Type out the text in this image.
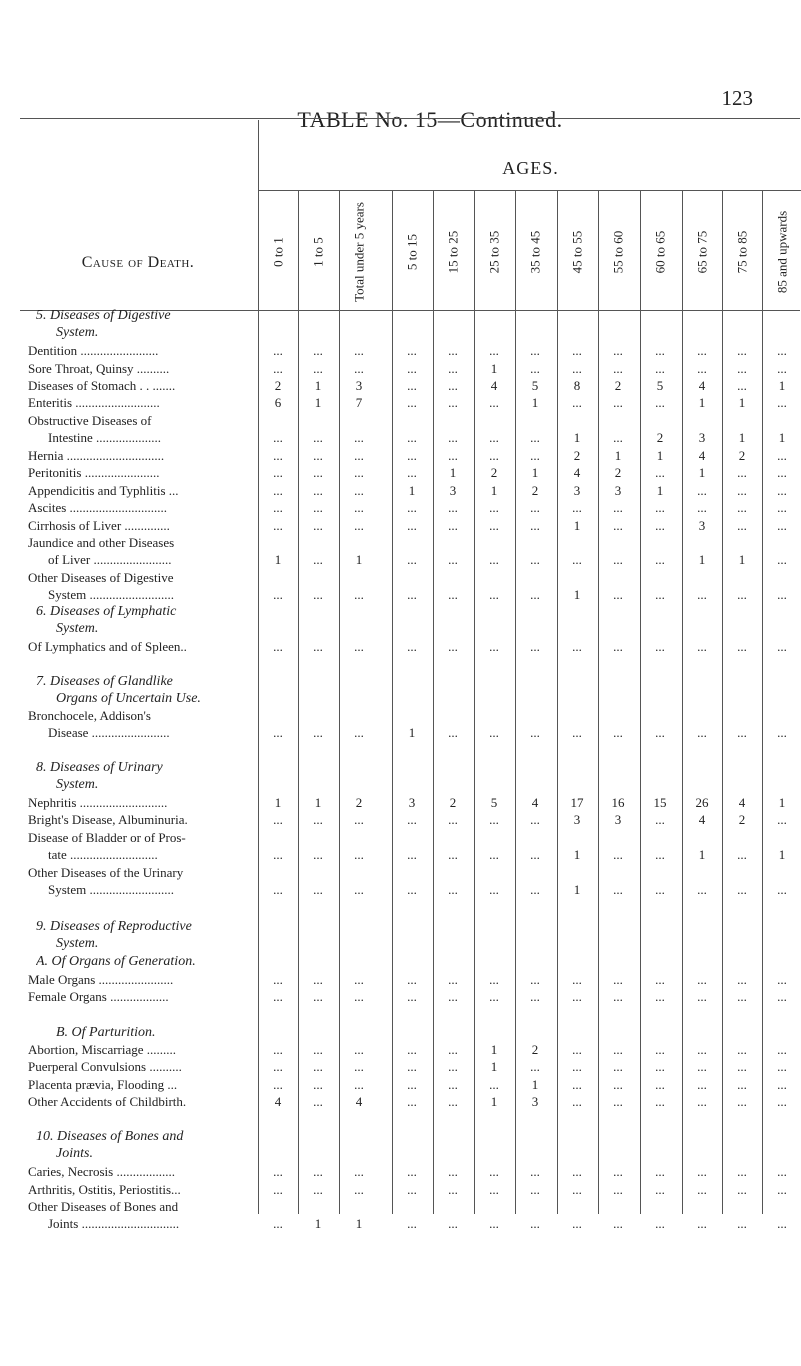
123
TABLE No. 15—Continued.
AGES.
Cause of Death.	0 to 1 1 to 5 Total under 5 years	5 to 15 15 to 25 25 to 35 35 to 45 45 to 55 55 to 60 60 to 65 65 to 75 75 to 85 85 and upwards
5. Diseases of Digestive
System.
Dentition ........................	...	...	...	...	...	...	...	...	...	...	...	...	...
Sore Throat, Quinsy ..........	...	...	...	...	...	1	...	...	...	...	...	...	...
Diseases of Stomach . . .......	2	1	3	...	...	4	5	8	2	5	4	...	1
Enteritis ..........................	6	1	7	...	...	...	1	...	...	...	1	1	...
Obstructive Diseases of
Intestine ....................	...	...	...	...	...	...	...	1	...	2	3	1	1
Hernia ..............................	...	...	...	...	...	...	...	2	1	1	4	2	...
Peritonitis .......................	...	...	...	...	1	2	1	4	2	...	1	...	...
Appendicitis and Typhlitis ...	...	...	...	1	3	1	2	3	3	1	...	...	...
Ascites ..............................	...	...	...	...	...	...	...	...	...	...	...	...	...
Cirrhosis of Liver ..............	...	...	...	...	...	...	...	1	...	...	3	...	...
Jaundice and other Diseases
of Liver ........................	1	...	1	...	...	...	...	...	...	...	1	1	...
Other Diseases of Digestive
System ..........................	...	...	...	...	...	...	...	1	...	...	...	...	...
6. Diseases of Lymphatic
System.
Of Lymphatics and of Spleen..	...	...	...	...	...	...	...	...	...	...	...	...	...
7. Diseases of Glandlike
Organs of Uncertain Use.
Bronchocele, Addison's
Disease ........................	...	...	...	1	...	...	...	...	...	...	...	...	...
8. Diseases of Urinary
System.
Nephritis ...........................	1	1	2	3	2	5	4	17	16	15	26	4	1
Bright's Disease, Albuminuria.	...	...	...	...	...	...	...	3	3	...	4	2	...
Disease of Bladder or of Pros-
tate ...........................	...	...	...	...	...	...	...	1	...	...	1	...	1
Other Diseases of the Urinary
System ..........................	...	...	...	...	...	...	...	1	...	...	...	...	...
9. Diseases of Reproductive
System.
A. Of Organs of Generation.
Male Organs .......................	...	...	...	...	...	...	...	...	...	...	...	...	...
Female Organs ..................	...	...	...	...	...	...	...	...	...	...	...	...	...
B. Of Parturition.
Abortion, Miscarriage .........	...	...	...	...	...	1	2	...	...	...	...	...	...
Puerperal Convulsions ..........	...	...	...	...	...	1	...	...	...	...	...	...	...
Placenta prævia, Flooding ...	...	...	...	...	...	...	1	...	...	...	...	...	...
Other Accidents of Childbirth.	4	...	4	...	...	1	3	...	...	...	...	...	...
10. Diseases of Bones and
Joints.
Caries, Necrosis ..................	...	...	...	...	...	...	...	...	...	...	...	...	...
Arthritis, Ostitis, Periostitis...	...	...	...	...	...	...	...	...	...	...	...	...	...
Other Diseases of Bones and
Joints ..............................	...	1	1	...	...	...	...	...	...	...	...	...	...
